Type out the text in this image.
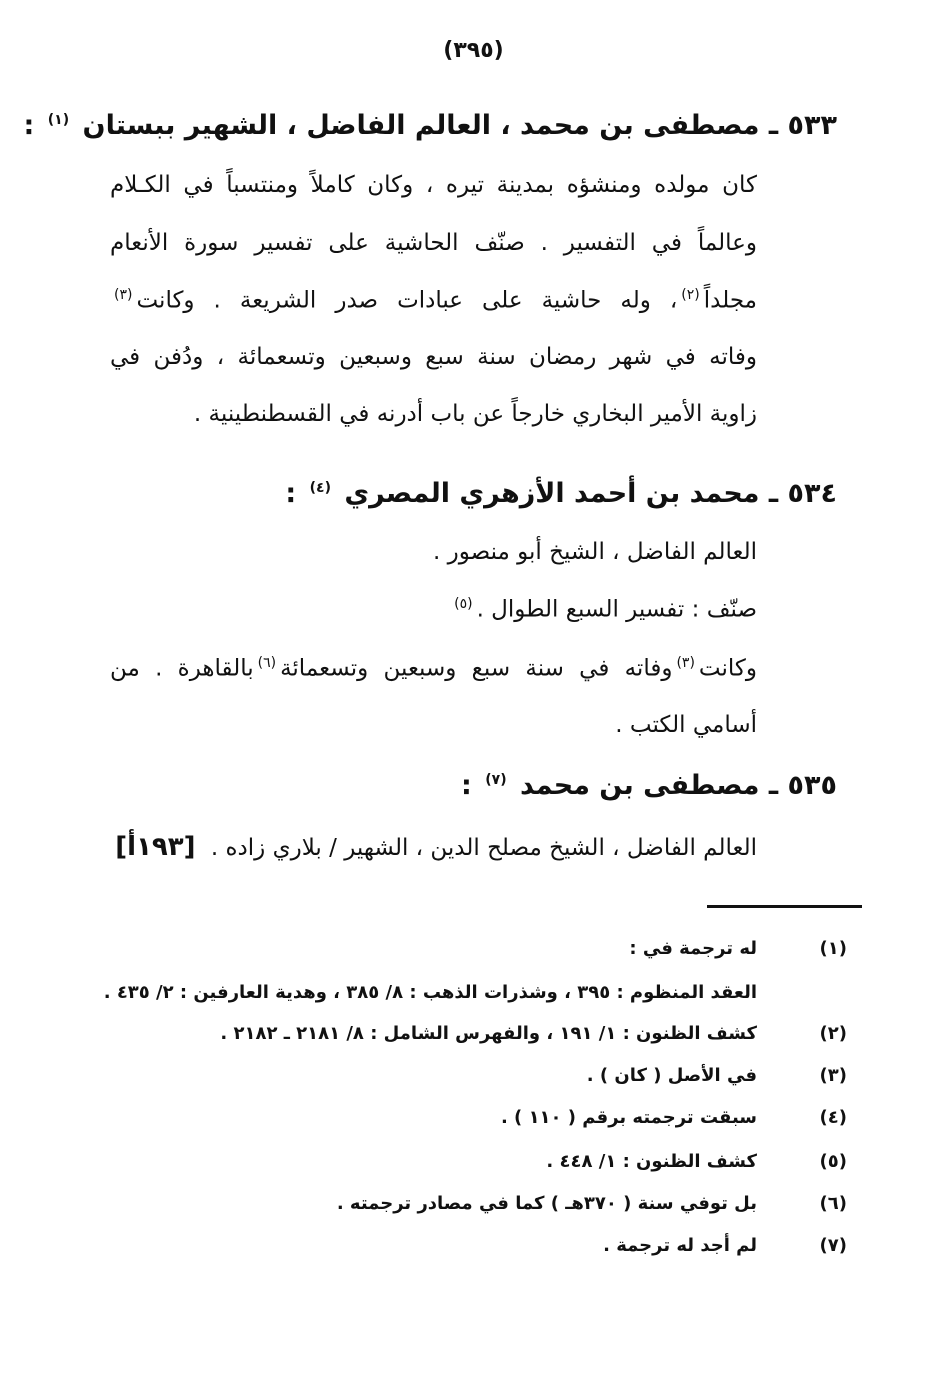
(٣٩٥)
٥٣٣ ـ مصطفى بن محمد ، العالم الفاضل ، الشهير ببستان $^{(١)}$ :
كان مولده ومنشؤه بمدينة تيره ، وكان كاملاً ومنتسباً في الكـلام
وعالماً في التفسير . صنّف الحاشية على تفسير سورة الأنعام
مجلداً$^{(٢)}$، وله حاشية على عبادات صدر الشريعة . وكانت$^{(٣)}$
وفاته في شهر رمضان سنة سبع وسبعين وتسعمائة ، ودُفن في
زاوية الأمير البخاري خارجاً عن باب أدرنه في القسطنطينية .
٥٣٤ ـ محمد بن أحمد الأزهري المصري $^{(٤)}$ :
العالم الفاضل ، الشيخ أبو منصور .
صنّف : تفسير السبع الطوال .$^{(٥)}$
وكانت$^{(٣)}$وفاته في سنة سبع وسبعين وتسعمائة$^{(٦)}$بالقاهرة . من
أسامي الكتب .
٥٣٥ ـ مصطفى بن محمد $^{(٧)}$ :
العالم الفاضل ، الشيخ مصلح الدين ، الشهير / بلاري زاده . [١٩٣أ]
(١)
له ترجمة في :
العقد المنظوم : ٣٩٥ ، وشذرات الذهب : ٨/ ٣٨٥ ، وهدية العارفين : ٢/ ٤٣٥ .
(٢)
كشف الظنون : ١/ ١٩١ ، والفهرس الشامل : ٨/ ٢١٨١ ـ ٢١٨٢ .
(٣)
في الأصل ( كان ) .
(٤)
سبقت ترجمته برقم ( ١١٠ ) .
(٥)
كشف الظنون : ١/ ٤٤٨ .
(٦)
بل توفي سنة ( ٣٧٠هـ ) كما في مصادر ترجمته .
(٧)
لم أجد له ترجمة .
